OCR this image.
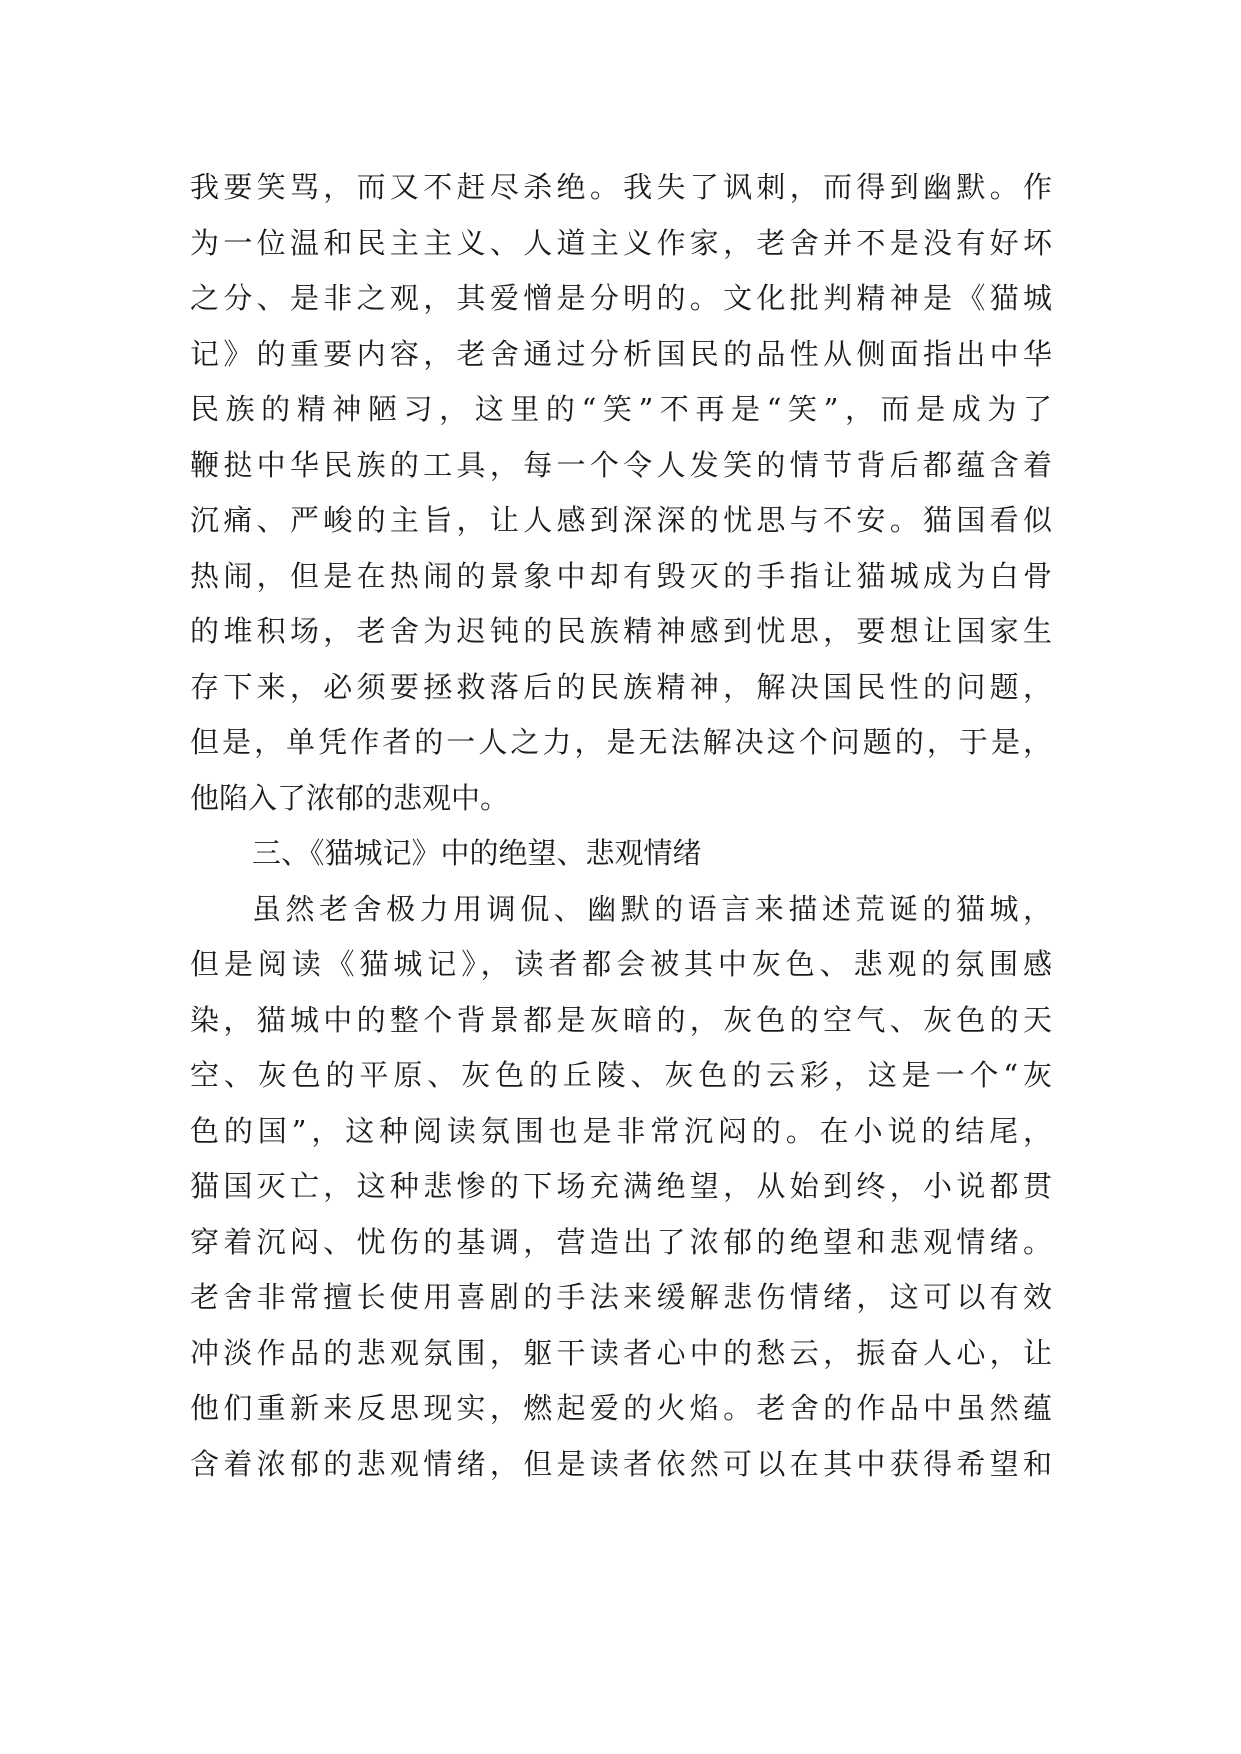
我要笑骂，而又不赶尽杀绝。我失了讽刺，而得到幽默。作
为一位温和民主主义、人道主义作家，老舍并不是没有好坏
之分、是非之观，其爱憎是分明的。文化批判精神是《猫城
记》的重要内容，老舍通过分析国民的品性从侧面指出中华
民族的精神陋习，这里的“笑”不再是“笑”，而是成为了
鞭挞中华民族的工具，每一个令人发笑的情节背后都蕴含着
沉痛、严峻的主旨，让人感到深深的忧思与不安。猫国看似
热闹，但是在热闹的景象中却有毁灭的手指让猫城成为白骨
的堆积场，老舍为迟钝的民族精神感到忧思，要想让国家生
存下来，必须要拯救落后的民族精神，解决国民性的问题，
但是，单凭作者的一人之力，是无法解决这个问题的，于是，
他陷入了浓郁的悲观中。
三、《猫城记》中的绝望、悲观情绪
虽然老舍极力用调侃、幽默的语言来描述荒诞的猫城，
但是阅读《猫城记》，读者都会被其中灰色、悲观的氛围感
染，猫城中的整个背景都是灰暗的，灰色的空气、灰色的天
空、灰色的平原、灰色的丘陵、灰色的云彩，这是一个“灰
色的国”，这种阅读氛围也是非常沉闷的。在小说的结尾，
猫国灭亡，这种悲惨的下场充满绝望，从始到终，小说都贯
穿着沉闷、忧伤的基调，营造出了浓郁的绝望和悲观情绪。
老舍非常擅长使用喜剧的手法来缓解悲伤情绪，这可以有效
冲淡作品的悲观氛围，躯干读者心中的愁云，振奋人心，让
他们重新来反思现实，燃起爱的火焰。老舍的作品中虽然蕴
含着浓郁的悲观情绪，但是读者依然可以在其中获得希望和
